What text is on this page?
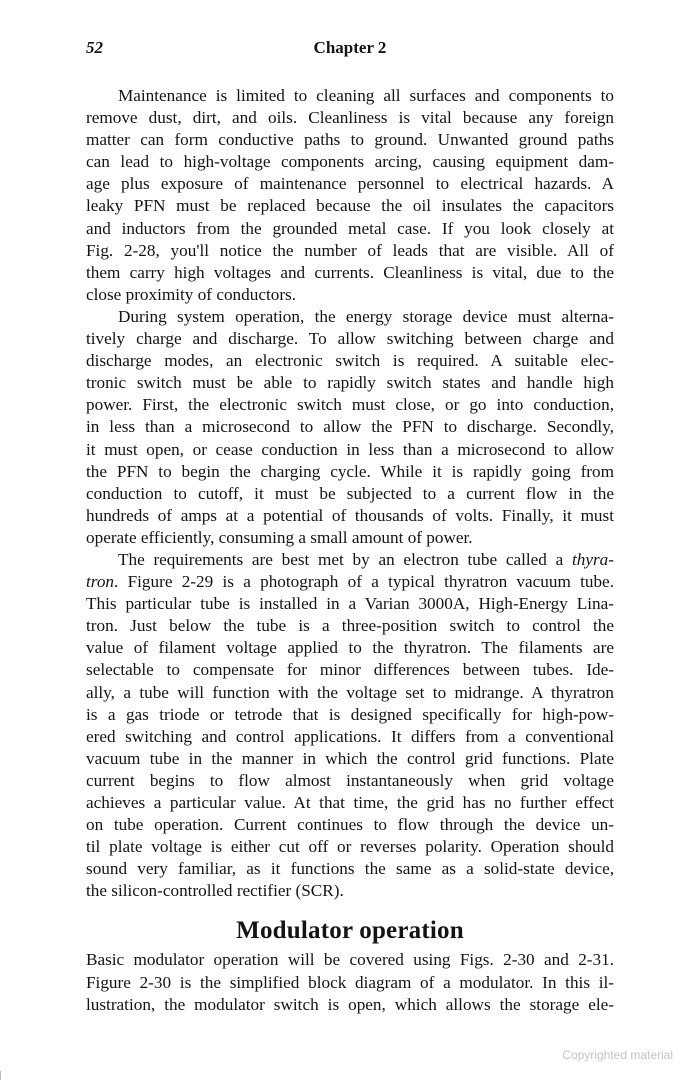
52	Chapter 2

Maintenance is limited to cleaning all surfaces and components to
remove dust, dirt, and oils. Cleanliness is vital because any foreign
matter can form conductive paths to ground. Unwanted ground paths
can lead to high-voltage components arcing, causing equipment dam-
age plus exposure of maintenance personnel to electrical hazards. A
leaky PFN must be replaced because the oil insulates the capacitors
and inductors from the grounded metal case. If you look closely at
Fig. 2-28, you'll notice the number of leads that are visible. All of
them carry high voltages and currents. Cleanliness is vital, due to the
close proximity of conductors.

During system operation, the energy storage device must alterna-
tively charge and discharge. To allow switching between charge and
discharge modes, an electronic switch is required. A suitable elec-
tronic switch must be able to rapidly switch states and handle high
power. First, the electronic switch must close, or go into conduction,
in less than a microsecond to allow the PFN to discharge. Secondly,
it must open, or cease conduction in less than a microsecond to allow
the PFN to begin the charging cycle. While it is rapidly going from
conduction to cutoff, it must be subjected to a current flow in the
hundreds of amps at a potential of thousands of volts. Finally, it must
operate efficiently, consuming a small amount of power.

The requirements are best met by an electron tube called a thyra-
tron. Figure 2-29 is a photograph of a typical thyratron vacuum tube.
This particular tube is installed in a Varian 3000A, High-Energy Lina-
tron. Just below the tube is a three-position switch to control the
value of filament voltage applied to the thyratron. The filaments are
selectable to compensate for minor differences between tubes. Ide-
ally, a tube will function with the voltage set to midrange. A thyratron
is a gas triode or tetrode that is designed specifically for high-pow-
ered switching and control applications. It differs from a conventional
vacuum tube in the manner in which the control grid functions. Plate
current begins to flow almost instantaneously when grid voltage
achieves a particular value. At that time, the grid has no further effect
on tube operation. Current continues to flow through the device un-
til plate voltage is either cut off or reverses polarity. Operation should
sound very familiar, as it functions the same as a solid-state device,
the silicon-controlled rectifier (SCR).

Modulator operation

Basic modulator operation will be covered using Figs. 2-30 and 2-31.
Figure 2-30 is the simplified block diagram of a modulator. In this il-
lustration, the modulator switch is open, which allows the storage ele-

Copyrighted material
